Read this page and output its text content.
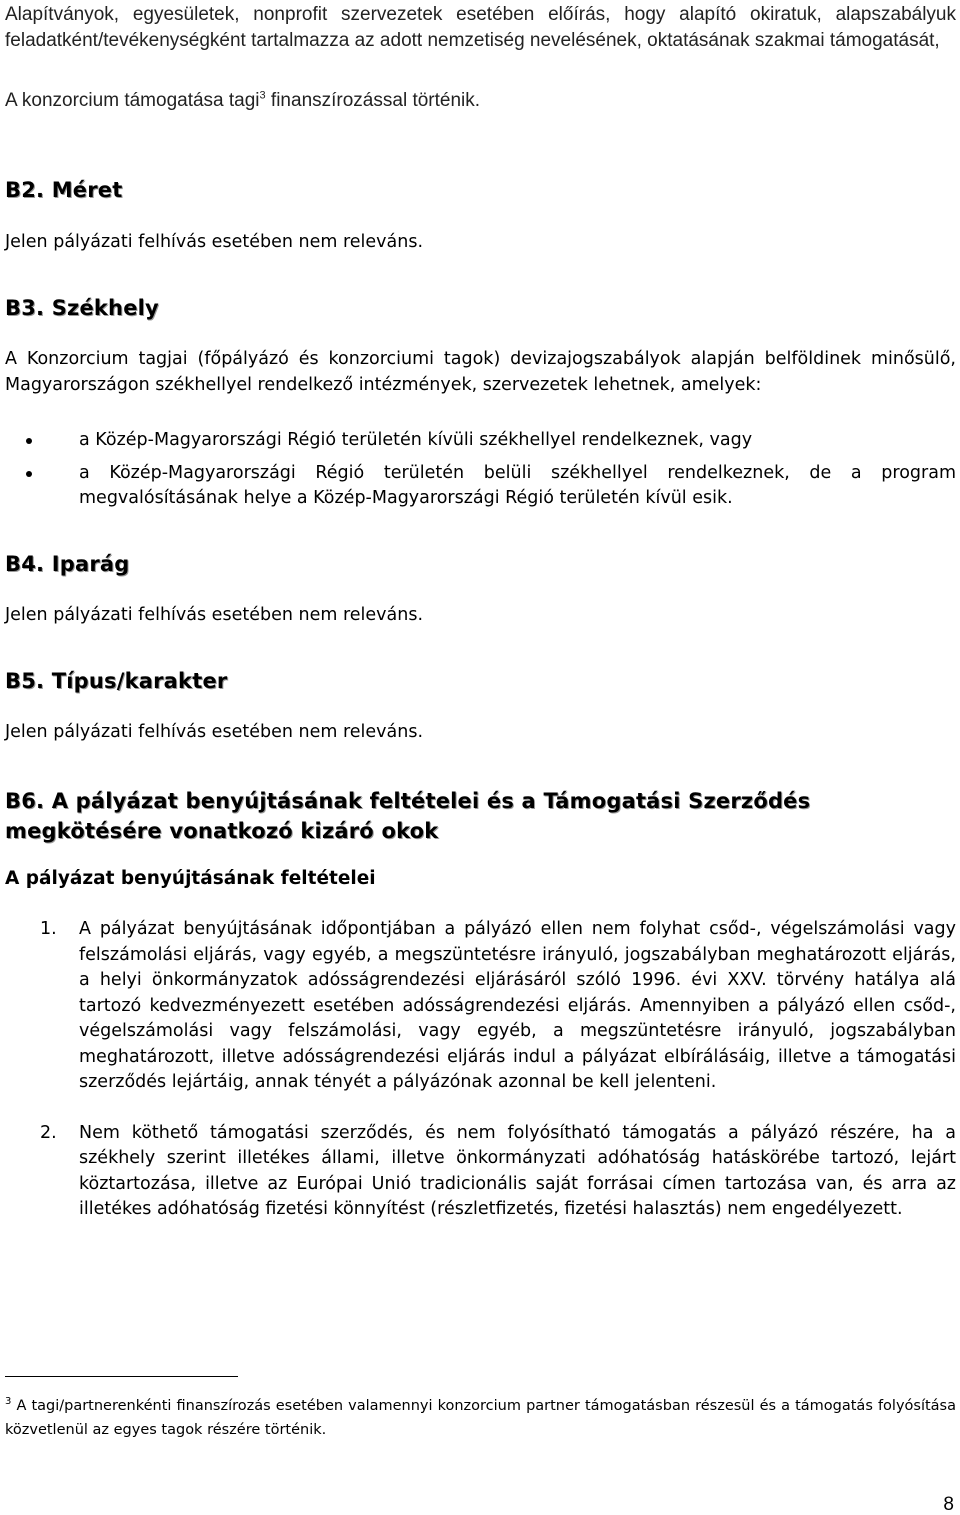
Alapítványok, egyesületek, nonprofit szervezetek esetében előírás, hogy alapító okiratuk, alapszabályuk feladatként/tevékenységként tartalmazza az adott nemzetiség nevelésének, oktatásának szakmai támogatását,

A konzorcium támogatása tagi$^3$ finanszírozással történik.

B2. Méret

Jelen pályázati felhívás esetében nem releváns.

B3. Székhely

A Konzorcium tagjai (főpályázó és konzorciumi tagok) devizajogszabályok alapján belföldinek minősülő, Magyarországon székhellyel rendelkező intézmények, szervezetek lehetnek, amelyek:

a Közép-Magyarországi Régió területén kívüli székhellyel rendelkeznek, vagy
a Közép-Magyarországi Régió területén belüli székhellyel rendelkeznek, de a program megvalósításának helye a Közép-Magyarországi Régió területén kívül esik.
B4. Iparág

Jelen pályázati felhívás esetében nem releváns.

B5. Típus/karakter

Jelen pályázati felhívás esetében nem releváns.

B6. A pályázat benyújtásának feltételei és a Támogatási Szerződés megkötésére vonatkozó kizáró okok
A pályázat benyújtásának feltételei
1. A pályázat benyújtásának időpontjában a pályázó ellen nem folyhat csőd-, végelszámolási vagy felszámolási eljárás, vagy egyéb, a megszüntetésre irányuló, jogszabályban meghatározott eljárás, a helyi önkormányzatok adósságrendezési eljárásáról szóló 1996. évi XXV. törvény hatálya alá tartozó kedvezményezett esetében adósságrendezési eljárás. Amennyiben a pályázó ellen csőd-, végelszámolási vagy felszámolási, vagy egyéb, a megszüntetésre irányuló, jogszabályban meghatározott, illetve adósságrendezési eljárás indul a pályázat elbírálásáig, illetve a támogatási szerződés lejártáig, annak tényét a pályázónak azonnal be kell jelenteni.
2. Nem köthető támogatási szerződés, és nem folyósítható támogatás a pályázó részére, ha a székhely szerint illetékes állami, illetve önkormányzati adóhatóság hatáskörébe tartozó, lejárt köztartozása, illetve az Európai Unió tradicionális saját forrásai címen tartozása van, és arra az illetékes adóhatóság fizetési könnyítést (részletfizetés, fizetési halasztás) nem engedélyezett.

$^3$ A tagi/partnerenkénti finanszírozás esetében valamennyi konzorcium partner támogatásban részesül és a támogatás folyósítása közvetlenül az egyes tagok részére történik.

8
